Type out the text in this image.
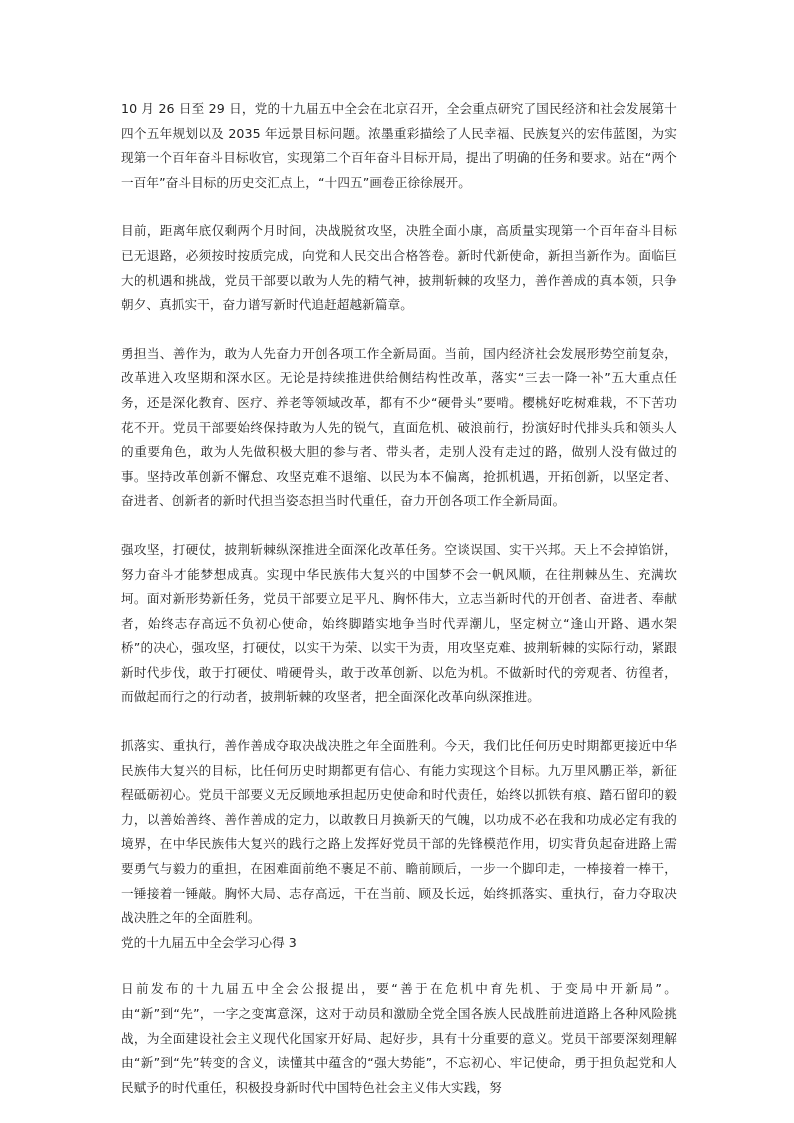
10 月 26 日至 29 日，党的十九届五中全会在北京召开，全会重点研究了国民经济和社会发展第十四个五年规划以及 2035 年远景目标问题。浓墨重彩描绘了人民幸福、民族复兴的宏伟蓝图，为实现第一个百年奋斗目标收官，实现第二个百年奋斗目标开局，提出了明确的任务和要求。站在“两个一百年”奋斗目标的历史交汇点上，“十四五”画卷正徐徐展开。

目前，距离年底仅剩两个月时间，决战脱贫攻坚，决胜全面小康，高质量实现第一个百年奋斗目标已无退路，必须按时按质完成，向党和人民交出合格答卷。新时代新使命，新担当新作为。面临巨大的机遇和挑战，党员干部要以敢为人先的精气神，披荆斩棘的攻坚力，善作善成的真本领，只争朝夕、真抓实干，奋力谱写新时代追赶超越新篇章。

勇担当、善作为，敢为人先奋力开创各项工作全新局面。当前，国内经济社会发展形势空前复杂，改革进入攻坚期和深水区。无论是持续推进供给侧结构性改革，落实“三去一降一补”五大重点任务，还是深化教育、医疗、养老等领域改革，都有不少“硬骨头”要啃。樱桃好吃树难栽，不下苦功花不开。党员干部要始终保持敢为人先的锐气，直面危机、破浪前行，扮演好时代排头兵和领头人的重要角色，敢为人先做积极大胆的参与者、带头者，走别人没有走过的路，做别人没有做过的事。坚持改革创新不懈怠、攻坚克难不退缩、以民为本不偏离，抢抓机遇，开拓创新，以坚定者、奋进者、创新者的新时代担当姿态担当时代重任，奋力开创各项工作全新局面。

强攻坚，打硬仗，披荆斩棘纵深推进全面深化改革任务。空谈误国、实干兴邦。天上不会掉馅饼，努力奋斗才能梦想成真。实现中华民族伟大复兴的中国梦不会一帆风顺，在往荆棘丛生、充满坎坷。面对新形势新任务，党员干部要立足平凡、胸怀伟大，立志当新时代的开创者、奋进者、奉献者，始终志存高远不负初心使命，始终脚踏实地争当时代弄潮儿，坚定树立“逢山开路、遇水架桥”的决心，强攻坚，打硬仗，以实干为荣、以实干为责，用攻坚克难、披荆斩棘的实际行动，紧跟新时代步伐，敢于打硬仗、啃硬骨头，敢于改革创新、以危为机。不做新时代的旁观者、彷徨者，而做起而行之的行动者，披荆斩棘的攻坚者，把全面深化改革向纵深推进。

抓落实、重执行，善作善成夺取决战决胜之年全面胜利。今天，我们比任何历史时期都更接近中华民族伟大复兴的目标，比任何历史时期都更有信心、有能力实现这个目标。九万里风鹏正举，新征程砥砺初心。党员干部要义无反顾地承担起历史使命和时代责任，始终以抓铁有痕、踏石留印的毅力，以善始善终、善作善成的定力，以敢教日月换新天的气魄，以功成不必在我和功成必定有我的境界，在中华民族伟大复兴的践行之路上发挥好党员干部的先锋模范作用，切实背负起奋进路上需要勇气与毅力的重担，在困难面前绝不裹足不前、瞻前顾后，一步一个脚印走，一棒接着一棒干，一锤接着一锤敲。胸怀大局、志存高远，干在当前、顾及长远，始终抓落实、重执行，奋力夺取决战决胜之年的全面胜利。

党的十九届五中全会学习心得 3

日前发布的十九届五中全会公报提出，要“善于在危机中育先机、于变局中开新局”。由“新”到“先”，一字之变寓意深，这对于动员和激励全党全国各族人民战胜前进道路上各种风险挑战，为全面建设社会主义现代化国家开好局、起好步，具有十分重要的意义。党员干部要深刻理解由“新”到“先”转变的含义，读懂其中蕴含的“强大势能”，不忘初心、牢记使命，勇于担负起党和人民赋予的时代重任，积极投身新时代中国特色社会主义伟大实践，努
